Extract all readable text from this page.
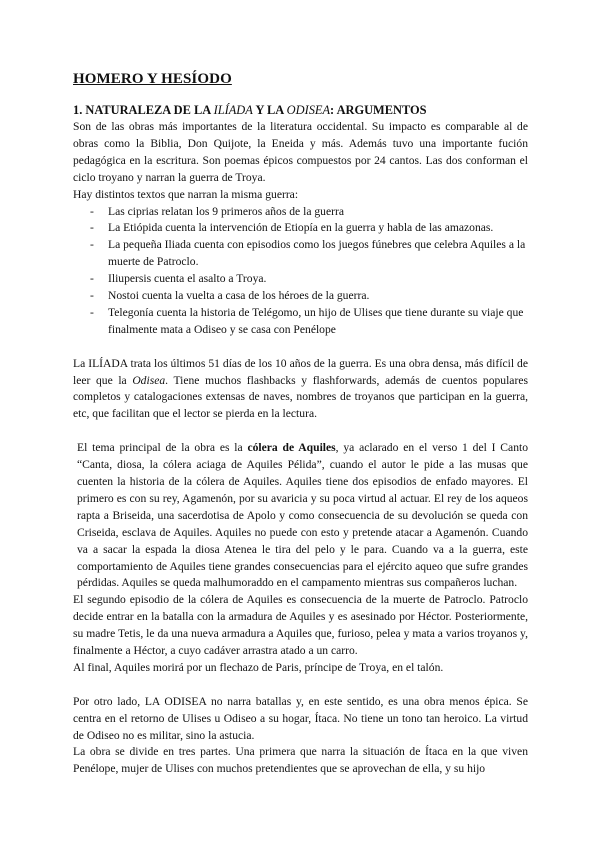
HOMERO Y HESÍODO
1. NATURALEZA DE LA ILÍADA Y LA ODISEA: ARGUMENTOS

Son de las obras más importantes de la literatura occidental. Su impacto es comparable al de obras como la Biblia, Don Quijote, la Eneida y más. Además tuvo una importante fución pedagógica en la escritura. Son poemas épicos compuestos por 24 cantos. Las dos conforman el ciclo troyano y narran la guerra de Troya.

Hay distintos textos que narran la misma guerra:

- Las ciprias relatan los 9 primeros años de la guerra
- La Etiópida cuenta la intervención de Etiopía en la guerra y habla de las amazonas.
- La pequeña Iliada cuenta con episodios como los juegos fúnebres que celebra Aquiles a la muerte de Patroclo.
- Iliupersis cuenta el asalto a Troya.
- Nostoi cuenta la vuelta a casa de los héroes de la guerra.
- Telegonía cuenta la historia de Telégomo, un hijo de Ulises que tiene durante su viaje que finalmente mata a Odiseo y se casa con Penélope

La ILÍADA trata los últimos 51 días de los 10 años de la guerra. Es una obra densa, más difícil de leer que la Odisea. Tiene muchos flashbacks y flashforwards, además de cuentos populares completos y catalogaciones extensas de naves, nombres de troyanos que participan en la guerra, etc, que facilitan que el lector se pierda en la lectura.

El tema principal de la obra es la cólera de Aquiles, ya aclarado en el verso 1 del I Canto “Canta, diosa, la cólera aciaga de Aquiles Pélida”, cuando el autor le pide a las musas que cuenten la historia de la cólera de Aquiles. Aquiles tiene dos episodios de enfado mayores. El primero es con su rey, Agamenón, por su avaricia y su poca virtud al actuar. El rey de los aqueos rapta a Briseida, una sacerdotisa de Apolo y como consecuencia de su devolución se queda con Criseida, esclava de Aquiles. Aquiles no puede con esto y pretende atacar a Agamenón. Cuando va a sacar la espada la diosa Atenea le tira del pelo y le para. Cuando va a la guerra, este comportamiento de Aquiles tiene grandes consecuencias para el ejército aqueo que sufre grandes pérdidas. Aquiles se queda malhumoraddo en el campamento mientras sus compañeros luchan.

El segundo episodio de la cólera de Aquiles es consecuencia de la muerte de Patroclo. Patroclo decide entrar en la batalla con la armadura de Aquiles y es asesinado por Héctor. Posteriormente, su madre Tetis, le da una nueva armadura a Aquiles que, furioso, pelea y mata a varios troyanos y, finalmente a Héctor, a cuyo cadáver arrastra atado a un carro.

Al final, Aquiles morirá por un flechazo de Paris, príncipe de Troya, en el talón.

Por otro lado, LA ODISEA no narra batallas y, en este sentido, es una obra menos épica. Se centra en el retorno de Ulises u Odiseo a su hogar, Ítaca. No tiene un tono tan heroico. La virtud de Odiseo no es militar, sino la astucia.

La obra se divide en tres partes. Una primera que narra la situación de Ítaca en la que viven Penélope, mujer de Ulises con muchos pretendientes que se aprovechan de ella, y su hijo
